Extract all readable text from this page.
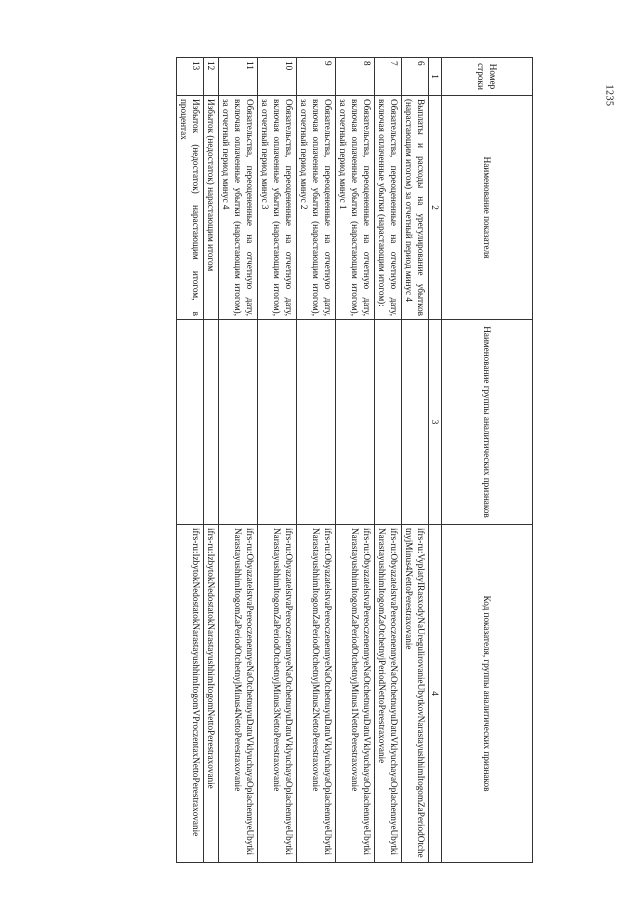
1235
Номер строки	Наименование показателя	Наименование группы аналитических признаков	Код показателя, группы аналитических признаков
1	2	3	4
6	Выплаты и расходы на урегулирование убытков (нарастающим итогом) за отчетный период минус 4		ifrs-ru:VyplatyIRasxodyNaUregulirovanieUbytkovNarastayushhimItogomZaPeriodOtchetnyjMinus4NettoPerestraxovanie
7	Обязательства, переоцененные на отчетную дату, включая оплаченные убытки (нарастающим итогом):		ifrs-ru:ObyazatelstvaPereoczenennyeNaOtchetnuyuDatuVklyuchayaOplachennyeUbytkiNarastayushhimItogomZaOtchetnyjPeriodNettoPerestraxovanie
8	Обязательства, переоцененные на отчетную дату, включая оплаченные убытки (нарастающим итогом), за отчетный период минус 1		ifrs-ru:ObyazatelstvaPereoczenennyeNaOtchetnuyuDatuVklyuchayaOplachennyeUbytkiNarastayushhimItogomZaPeriodOtchetnyjMinus1NettoPerestraxovanie
9	Обязательства, переоцененные на отчетную дату, включая оплаченные убытки (нарастающим итогом), за отчетный период минус 2		ifrs-ru:ObyazatelstvaPereoczenennyeNaOtchetnuyuDatuVklyuchayaOplachennyeUbytkiNarastayushhimItogomZaPeriodOtchetnyjMinus2NettoPerestraxovanie
10	Обязательства, переоцененные на отчетную дату, включая оплаченные убытки (нарастающим итогом), за отчетный период минус 3		ifrs-ru:ObyazatelstvaPereoczenennyeNaOtchetnuyuDatuVklyuchayaOplachennyeUbytkiNarastayushhimItogomZaPeriodOtchetnyjMinus3NettoPerestraxovanie
11	Обязательства, переоцененные на отчетную дату, включая оплаченные убытки (нарастающим итогом), за отчетный период минус 4		ifrs-ru:ObyazatelstvaPereoczenennyeNaOtchetnuyuDatuVklyuchayaOplachennyeUbytkiNarastayushhimItogomZaPeriodOtchetnyjMinus4NettoPerestraxovanie
12	Избыток (недостаток) нарастающим итогом		ifrs-ru:IzbytokNedostatokNarastayushhimItogomNettoPerestraxovanie
13	Избыток (недостаток) нарастающим итогом, в процентах		ifrs-ru:IzbytokNedostatokNarastayushhimItogomVProczentaxNettoPerestraxovanie
